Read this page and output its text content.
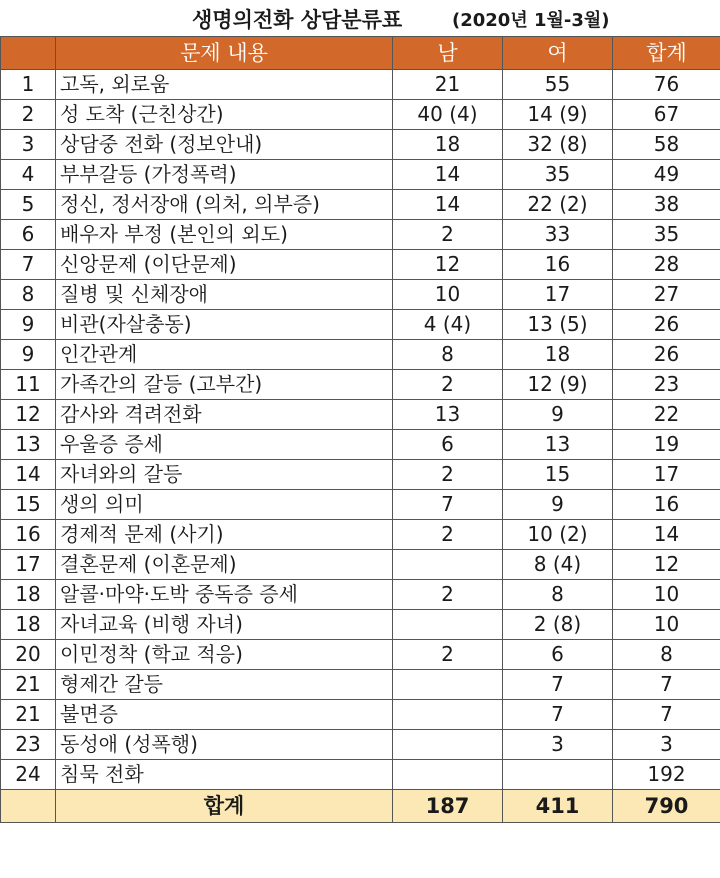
생명의전화 상담분류표	(2020년 1월-3월)
	문제 내용	남	여	합계
1	고독, 외로움	21	55	76
2	성 도착 (근친상간)	40 (4)	14 (9)	67
3	상담중 전화 (정보안내)	18	32 (8)	58
4	부부갈등 (가정폭력)	14	35	49
5	정신, 정서장애 (의처, 의부증)	14	22 (2)	38
6	배우자 부정 (본인의 외도)	2	33	35
7	신앙문제 (이단문제)	12	16	28
8	질병 및 신체장애	10	17	27
9	비관(자살충동)	4 (4)	13 (5)	26
9	인간관계	8	18	26
11	가족간의 갈등 (고부간)	2	12 (9)	23
12	감사와 격려전화	13	9	22
13	우울증 증세	6	13	19
14	자녀와의 갈등	2	15	17
15	생의 의미	7	9	16
16	경제적 문제 (사기)	2	10 (2)	14
17	결혼문제 (이혼문제)		8 (4)	12
18	알콜·마약·도박 중독증 증세	2	8	10
18	자녀교육 (비행 자녀)		2 (8)	10
20	이민정착 (학교 적응)	2	6	8
21	형제간 갈등		7	7
21	불면증		7	7
23	동성애 (성폭행)		3	3
24	침묵 전화			192
	합계	187	411	790
